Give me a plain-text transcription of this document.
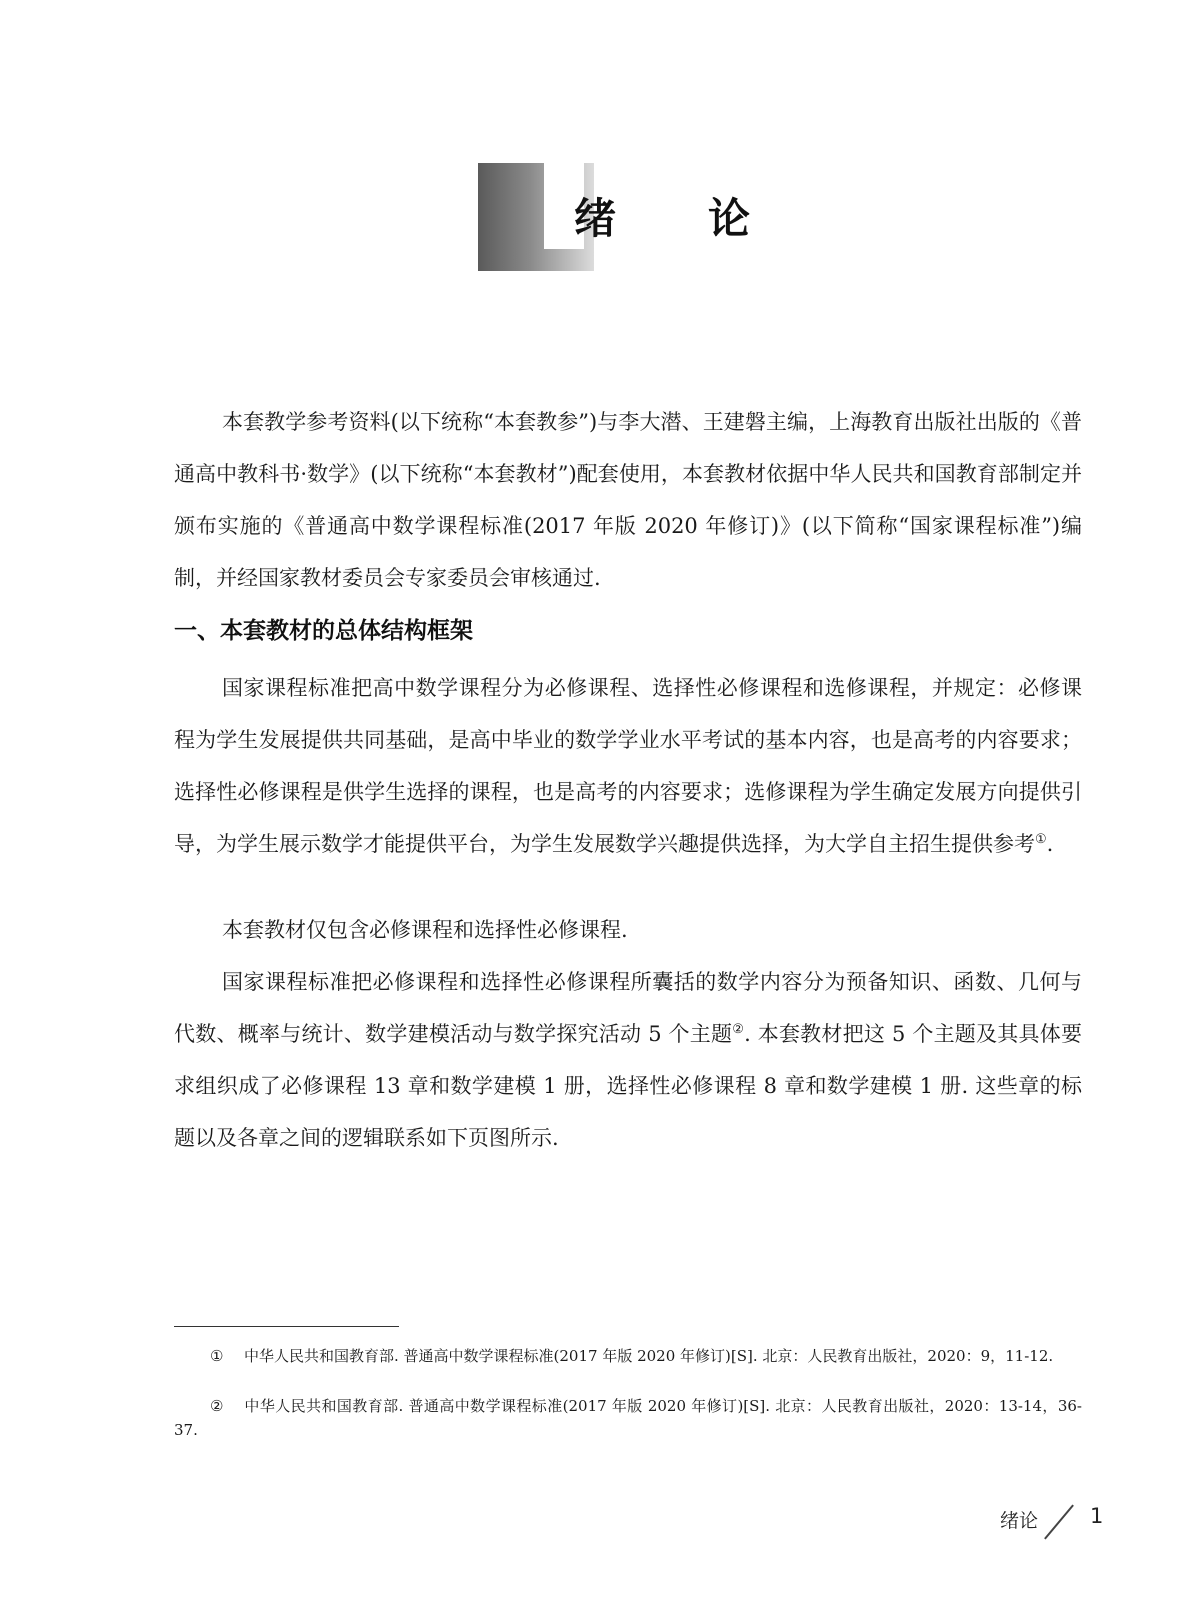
绪 论

本套教学参考资料(以下统称“本套教参”)与李大潜、王建磐主编，上海教育出版社出版的《普通高中教科书·数学》(以下统称“本套教材”)配套使用，本套教材依据中华人民共和国教育部制定并颁布实施的《普通高中数学课程标准(2017 年版 2020 年修订)》(以下简称“国家课程标准”)编制，并经国家教材委员会专家委员会审核通过.

一、本套教材的总体结构框架

国家课程标准把高中数学课程分为必修课程、选择性必修课程和选修课程，并规定：必修课程为学生发展提供共同基础，是高中毕业的数学学业水平考试的基本内容，也是高考的内容要求；选择性必修课程是供学生选择的课程，也是高考的内容要求；选修课程为学生确定发展方向提供引导，为学生展示数学才能提供平台，为学生发展数学兴趣提供选择，为大学自主招生提供参考①.

本套教材仅包含必修课程和选择性必修课程.

国家课程标准把必修课程和选择性必修课程所囊括的数学内容分为预备知识、函数、几何与代数、概率与统计、数学建模活动与数学探究活动 5 个主题②. 本套教材把这 5 个主题及其具体要求组织成了必修课程 13 章和数学建模 1 册，选择性必修课程 8 章和数学建模 1 册. 这些章的标题以及各章之间的逻辑联系如下页图所示.

① 中华人民共和国教育部. 普通高中数学课程标准(2017 年版 2020 年修订)[S]. 北京：人民教育出版社，2020：9，11-12.

② 中华人民共和国教育部. 普通高中数学课程标准(2017 年版 2020 年修订)[S]. 北京：人民教育出版社，2020：13-14，36-37.

绪论 1
